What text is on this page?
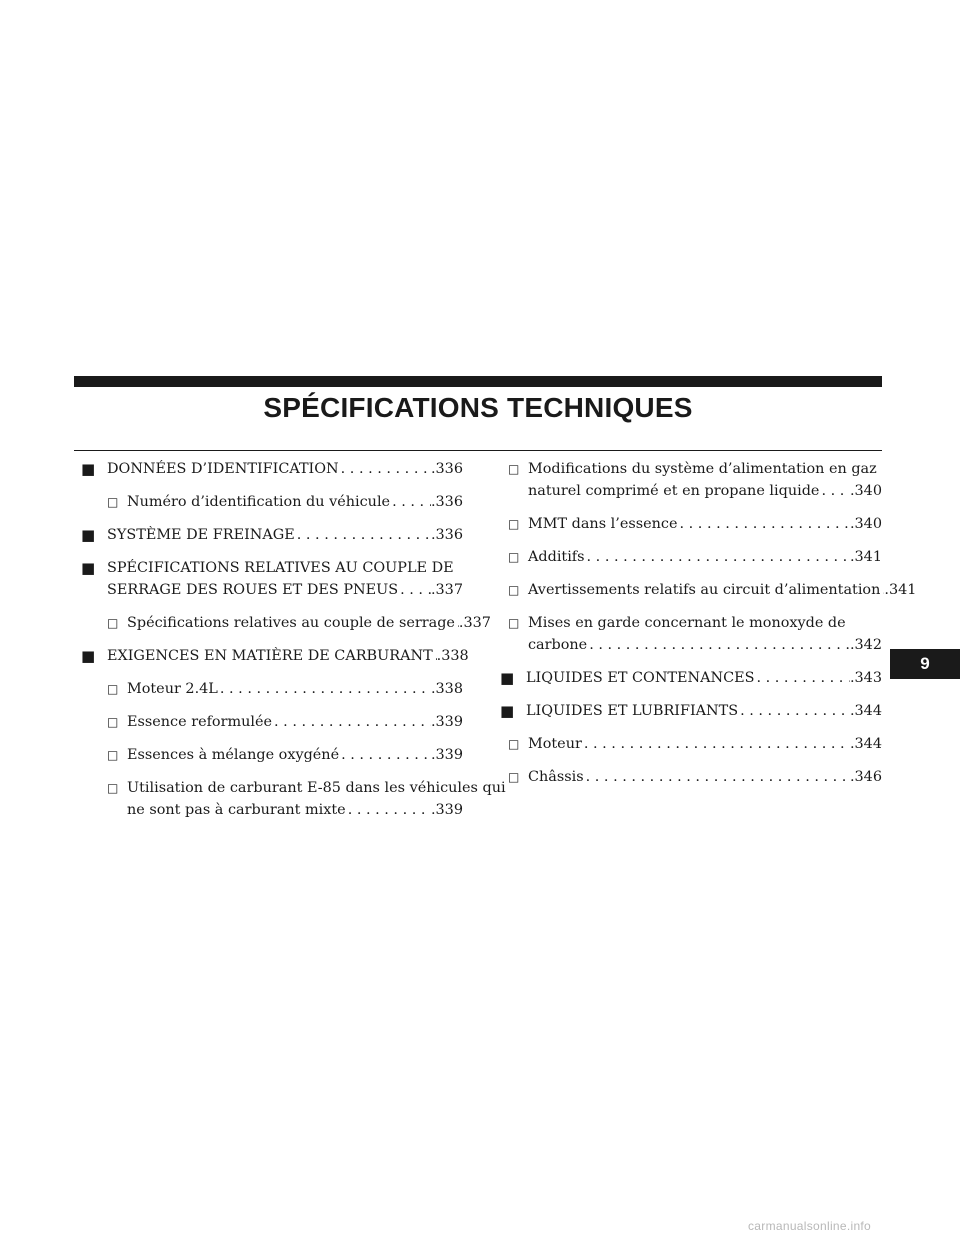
SPÉCIFICATIONS TECHNIQUES
■ DONNÉES D’IDENTIFICATION . . .	.336
□ Numéro d’identification du véhicule . . .	.336
■ SYSTÈME DE FREINAGE . . .	.336
■ SPÉCIFICATIONS RELATIVES AU COUPLE DE
SERRAGE DES ROUES ET DES PNEUS . . . .337
□ Spécifications relatives au couple de serrage . . . .337
■ EXIGENCES EN MATIÈRE DE CARBURANT . . . .338
□ Moteur 2.4L . . .	.338
□ Essence reformulée . . .	.339
□ Essences à mélange oxygéné . . .	.339
□ Utilisation de carburant E-85 dans les véhicules qui
ne sont pas à carburant mixte . . .	.339
□ Modifications du système d’alimentation en gaz
naturel comprimé et en propane liquide . . . .340
□ MMT dans l’essence . . .	.340
□ Additifs . . .	.341
□ Avertissements relatifs au circuit d’alimentation . . . .341
□ Mises en garde concernant le monoxyde de
carbone . . .	.342
■ LIQUIDES ET CONTENANCES . . .	.343
■ LIQUIDES ET LUBRIFIANTS . . .	.344
□ Moteur . . .	.344
□ Châssis . . .	.346
9
carmanualsonline.info
